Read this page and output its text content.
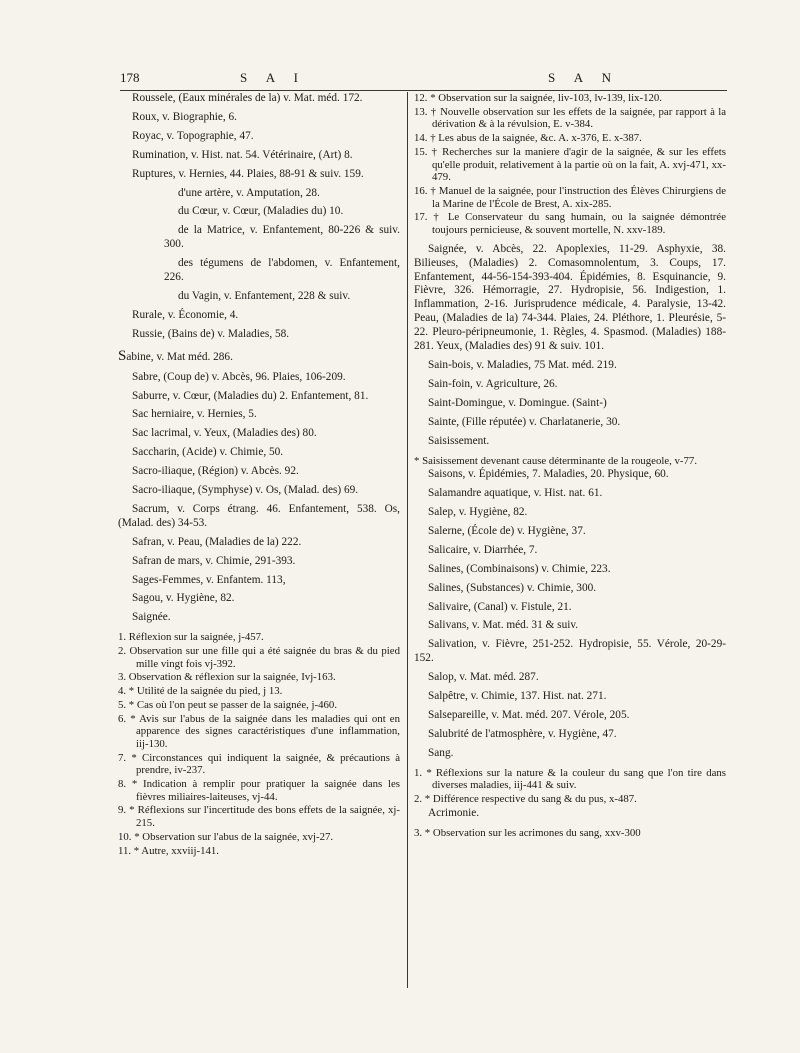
178	S A I	S A N

Roussele, (Eaux minérales de la) v. Mat. méd. 172.

Roux, v. Biographie, 6.

Royac, v. Topographie, 47.

Rumination, v. Hist. nat. 54. Vétérinaire, (Art) 8.

Ruptures, v. Hernies, 44. Plaies, 88-91 & suiv. 159.

d'une artère, v. Amputation, 28.

du Cœur, v. Cœur, (Maladies du) 10.

de la Matrice, v. Enfantement, 80-226 & suiv. 300.

des tégumens de l'abdomen, v. Enfantement, 226.

du Vagin, v. Enfantement, 228 & suiv.

Rurale, v. Économie, 4.

Russie, (Bains de) v. Maladies, 58.

Sabine, v. Mat méd. 286.

Sabre, (Coup de) v. Abcès, 96. Plaies, 106-209.

Saburre, v. Cœur, (Maladies du) 2. Enfantement, 81.

Sac herniaire, v. Hernies, 5.

Sac lacrimal, v. Yeux, (Maladies des) 80.

Saccharin, (Acide) v. Chimie, 50.

Sacro-iliaque, (Région) v. Abcès. 92.

Sacro-iliaque, (Symphyse) v. Os, (Malad. des) 69.

Sacrum, v. Corps étrang. 46. Enfantement, 538. Os, (Malad. des) 34-53.

Safran, v. Peau, (Maladies de la) 222.

Safran de mars, v. Chimie, 291-393.

Sages-Femmes, v. Enfantem. 113,

Sagou, v. Hygiène, 82.

Saignée.

1. Réflexion sur la saignée, j-457.

2. Observation sur une fille qui a été saignée du bras & du pied mille vingt fois vj-392.

3. Observation & réflexion sur la saignée, Ivj-163.

4. * Utilité de la saignée du pied, j 13.

5. * Cas où l'on peut se passer de la saignée, j-460.

6. * Avis sur l'abus de la saignée dans les maladies qui ont en apparence des signes caractéristiques d'une inflammation, iij-130.

7. * Circonstances qui indiquent la saignée, & précautions à prendre, iv-237.

8. * Indication à remplir pour pratiquer la saignée dans les fièvres miliaires-laiteuses, vj-44.

9. * Réflexions sur l'incertitude des bons effets de la saignée, xj-215.

10. * Observation sur l'abus de la saignée, xvj-27.

11. * Autre, xxviij-141.

12. * Observation sur la saignée, liv-103, lv-139, lix-120.

13. † Nouvelle observation sur les effets de la saignée, par rapport à la dérivation & à la révulsion, E. v-384.

14. † Les abus de la saignée, &c. A. x-376, E. x-387.

15. † Recherches sur la maniere d'agir de la saignée, & sur les effets qu'elle produit, relativement à la partie où on la fait, A. xvj-471, xx-479.

16. † Manuel de la saignée, pour l'instruction des Élèves Chirurgiens de la Marine de l'École de Brest, A. xix-285.

17. † Le Conservateur du sang humain, ou la saignée démontrée toujours pernicieuse, & souvent mortelle, N. xxv-189.

Saignée, v. Abcès, 22. Apoplexies, 11-29. Asphyxie, 38. Bilieuses, (Maladies) 2. Comasomnolentum, 3. Coups, 17. Enfantement, 44-56-154-393-404. Épidémies, 8. Esquinancie, 9. Fièvre, 326. Hémorragie, 27. Hydropisie, 56. Indigestion, 1. Inflammation, 2-16. Jurisprudence médicale, 4. Paralysie, 13-42. Peau, (Maladies de la) 74-344. Plaies, 24. Pléthore, 1. Pleurésie, 5-22. Pleuro-péripneumonie, 1. Règles, 4. Spasmod. (Maladies) 188-281. Yeux, (Maladies des) 91 & suiv. 101.

Sain-bois, v. Maladies, 75 Mat. méd. 219.

Sain-foin, v. Agriculture, 26.

Saint-Domingue, v. Domingue. (Saint-)

Sainte, (Fille réputée) v. Charlatanerie, 30.

Saisissement.

* Saisissement devenant cause déterminante de la rougeole, v-77.

Saisons, v. Épidémies, 7. Maladies, 20. Physique, 60.

Salamandre aquatique, v. Hist. nat. 61.

Salep, v. Hygiène, 82.

Salerne, (École de) v. Hygiène, 37.

Salicaire, v. Diarrhée, 7.

Salines, (Combinaisons) v. Chimie, 223.

Salines, (Substances) v. Chimie, 300.

Salivaire, (Canal) v. Fistule, 21.

Salivans, v. Mat. méd. 31 & suiv.

Salivation, v. Fièvre, 251-252. Hydropisie, 55. Vérole, 20-29-152.

Salop, v. Mat. méd. 287.

Salpêtre, v. Chimie, 137. Hist. nat. 271.

Salsepareille, v. Mat. méd. 207. Vérole, 205.

Salubrité de l'atmosphère, v. Hygiène, 47.

Sang.

1. * Réflexions sur la nature & la couleur du sang que l'on tire dans diverses maladies, iij-441 & suiv.

2. * Différence respective du sang & du pus, x-487.

Acrimonie.

3. * Observation sur les acrimones du sang, xxv-300
